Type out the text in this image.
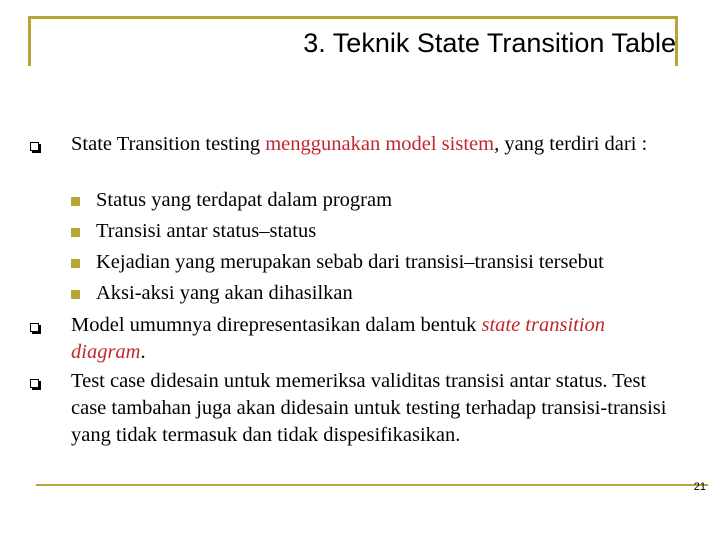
3. Teknik State Transition Table

State Transition testing menggunakan model sistem, yang terdiri dari :

Status yang terdapat dalam program

Transisi antar status–status

Kejadian yang merupakan sebab dari transisi–transisi tersebut

Aksi-aksi yang akan dihasilkan

Model umumnya direpresentasikan dalam bentuk state transition diagram.

Test case didesain untuk memeriksa validitas transisi antar status. Test case tambahan juga akan didesain untuk testing terhadap transisi-transisi yang tidak termasuk dan tidak dispesifikasikan.

21
